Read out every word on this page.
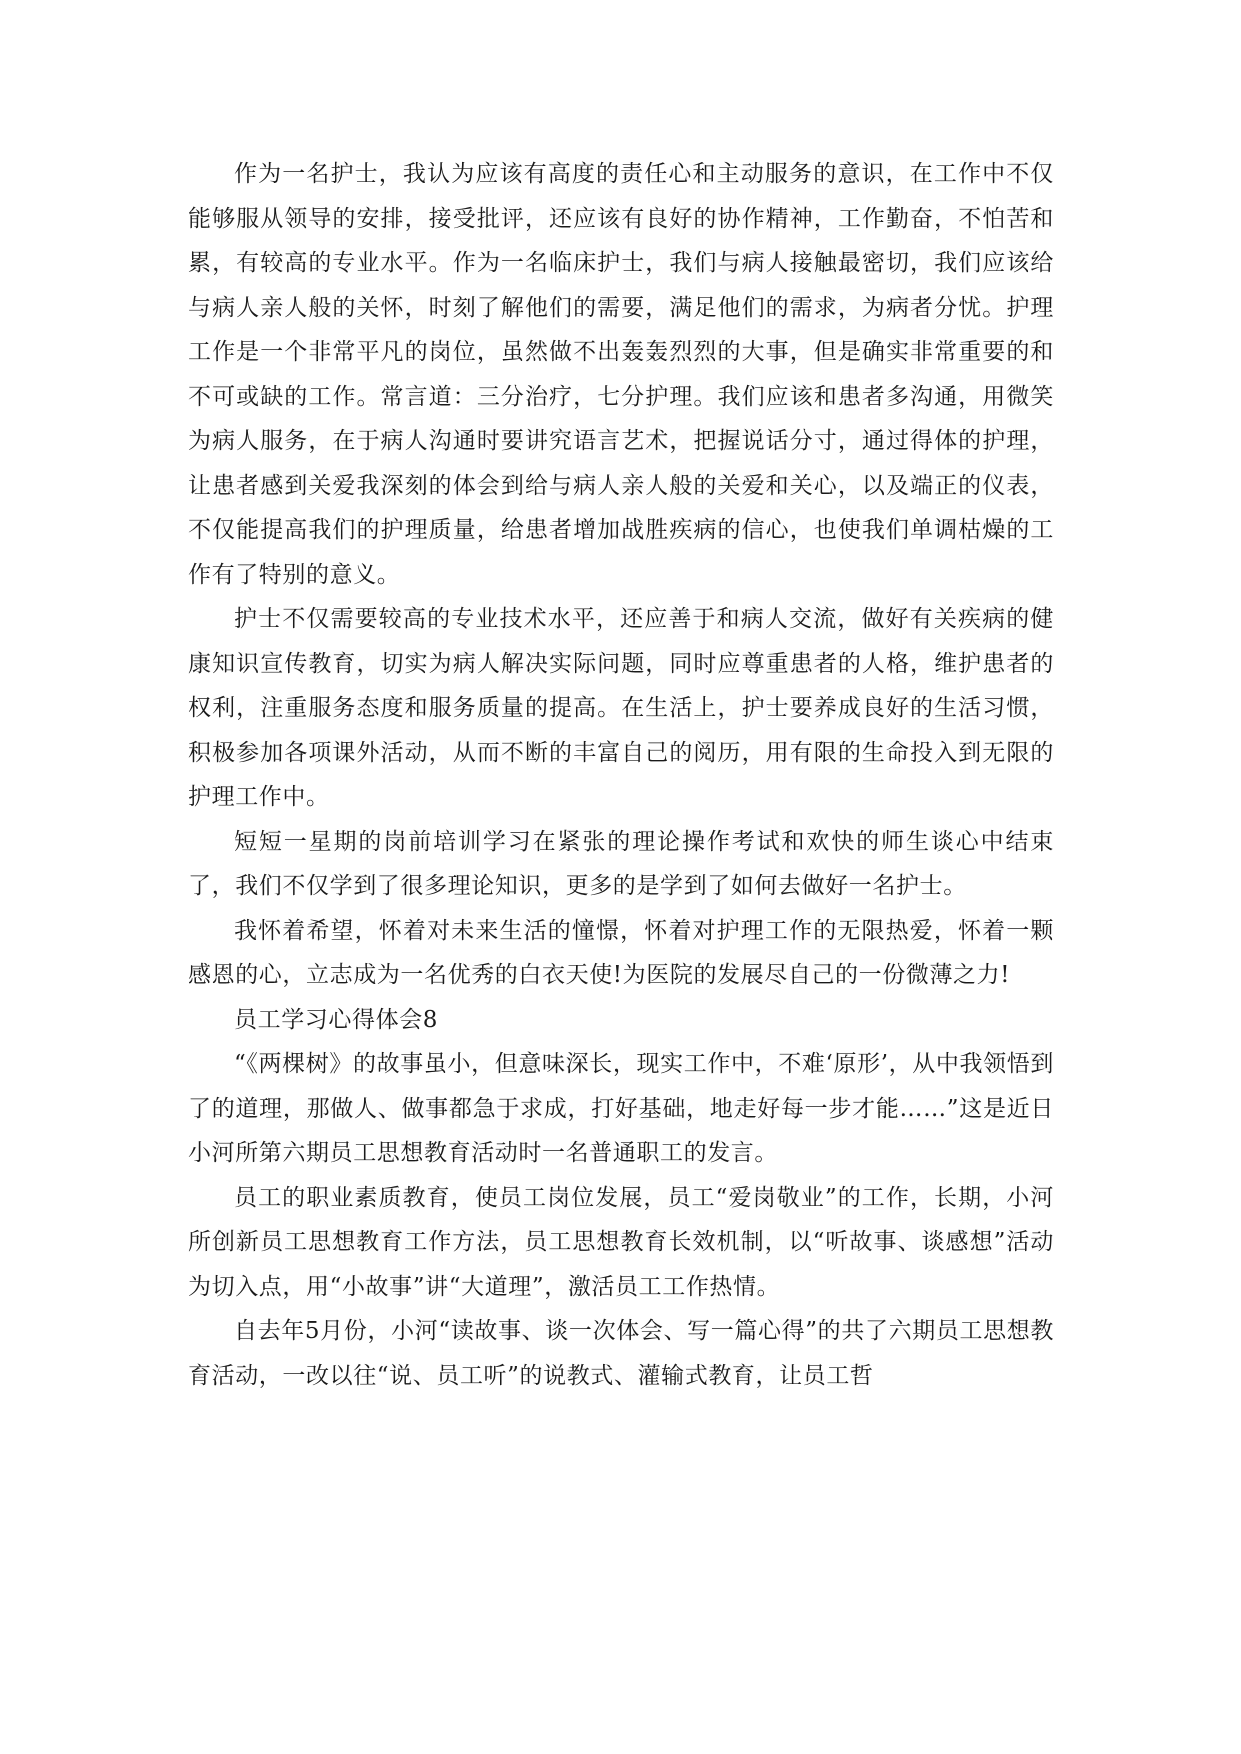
作为一名护士，我认为应该有高度的责任心和主动服务的意识，在工作中不仅能够服从领导的安排，接受批评，还应该有良好的协作精神，工作勤奋，不怕苦和累，有较高的专业水平。作为一名临床护士，我们与病人接触最密切，我们应该给与病人亲人般的关怀，时刻了解他们的需要，满足他们的需求，为病者分忧。护理工作是一个非常平凡的岗位，虽然做不出轰轰烈烈的大事，但是确实非常重要的和不可或缺的工作。常言道：三分治疗，七分护理。我们应该和患者多沟通，用微笑为病人服务，在于病人沟通时要讲究语言艺术，把握说话分寸，通过得体的护理，让患者感到关爱我深刻的体会到给与病人亲人般的关爱和关心，以及端正的仪表，不仅能提高我们的护理质量，给患者增加战胜疾病的信心，也使我们单调枯燥的工作有了特别的意义。

护士不仅需要较高的专业技术水平，还应善于和病人交流，做好有关疾病的健康知识宣传教育，切实为病人解决实际问题，同时应尊重患者的人格，维护患者的权利，注重服务态度和服务质量的提高。在生活上，护士要养成良好的生活习惯，积极参加各项课外活动，从而不断的丰富自己的阅历，用有限的生命投入到无限的护理工作中。

短短一星期的岗前培训学习在紧张的理论操作考试和欢快的师生谈心中结束了，我们不仅学到了很多理论知识，更多的是学到了如何去做好一名护士。

我怀着希望，怀着对未来生活的憧憬，怀着对护理工作的无限热爱，怀着一颗感恩的心，立志成为一名优秀的白衣天使!为医院的发展尽自己的一份微薄之力!

员工学习心得体会8

“《两棵树》的故事虽小，但意味深长，现实工作中，不难‘原形’，从中我领悟到了的道理，那做人、做事都急于求成，打好基础，地走好每一步才能……”这是近日小河所第六期员工思想教育活动时一名普通职工的发言。

员工的职业素质教育，使员工岗位发展，员工“爱岗敬业”的工作，长期，小河所创新员工思想教育工作方法，员工思想教育长效机制，以“听故事、谈感想”活动为切入点，用“小故事”讲“大道理”，激活员工工作热情。

自去年5月份，小河“读故事、谈一次体会、写一篇心得”的共了六期员工思想教育活动，一改以往“说、员工听”的说教式、灌输式教育，让员工哲
